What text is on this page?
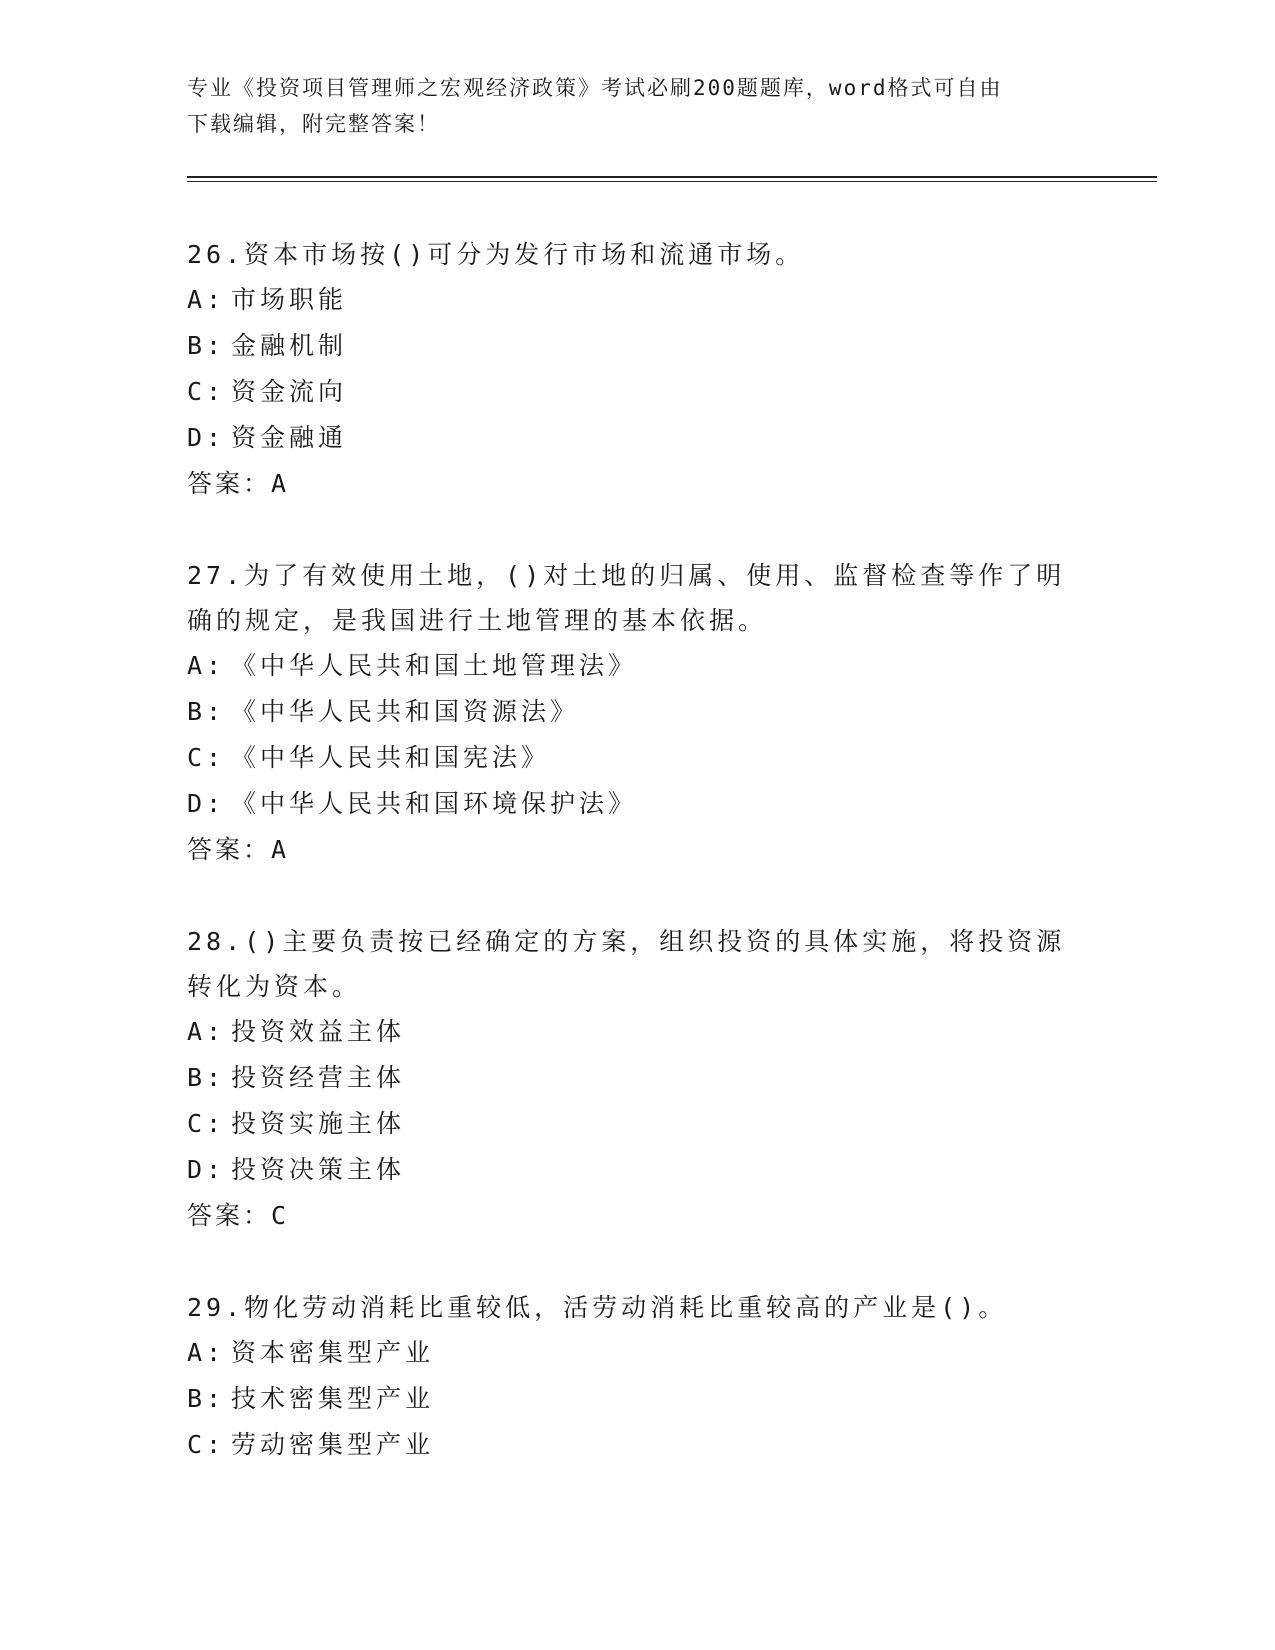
专业《投资项目管理师之宏观经济政策》考试必刷200题题库，word格式可自由
下载编辑，附完整答案！
26.资本市场按()可分为发行市场和流通市场。
A: 市场职能
B: 金融机制
C: 资金流向
D: 资金融通
答案：A
27.为了有效使用土地，()对土地的归属、使用、监督检查等作了明确的规定，是我国进行土地管理的基本依据。
A: 《中华人民共和国土地管理法》
B: 《中华人民共和国资源法》
C: 《中华人民共和国宪法》
D: 《中华人民共和国环境保护法》
答案：A
28.()主要负责按已经确定的方案，组织投资的具体实施，将投资源转化为资本。
A: 投资效益主体
B: 投资经营主体
C: 投资实施主体
D: 投资决策主体
答案：C
29.物化劳动消耗比重较低，活劳动消耗比重较高的产业是()。
A: 资本密集型产业
B: 技术密集型产业
C: 劳动密集型产业
